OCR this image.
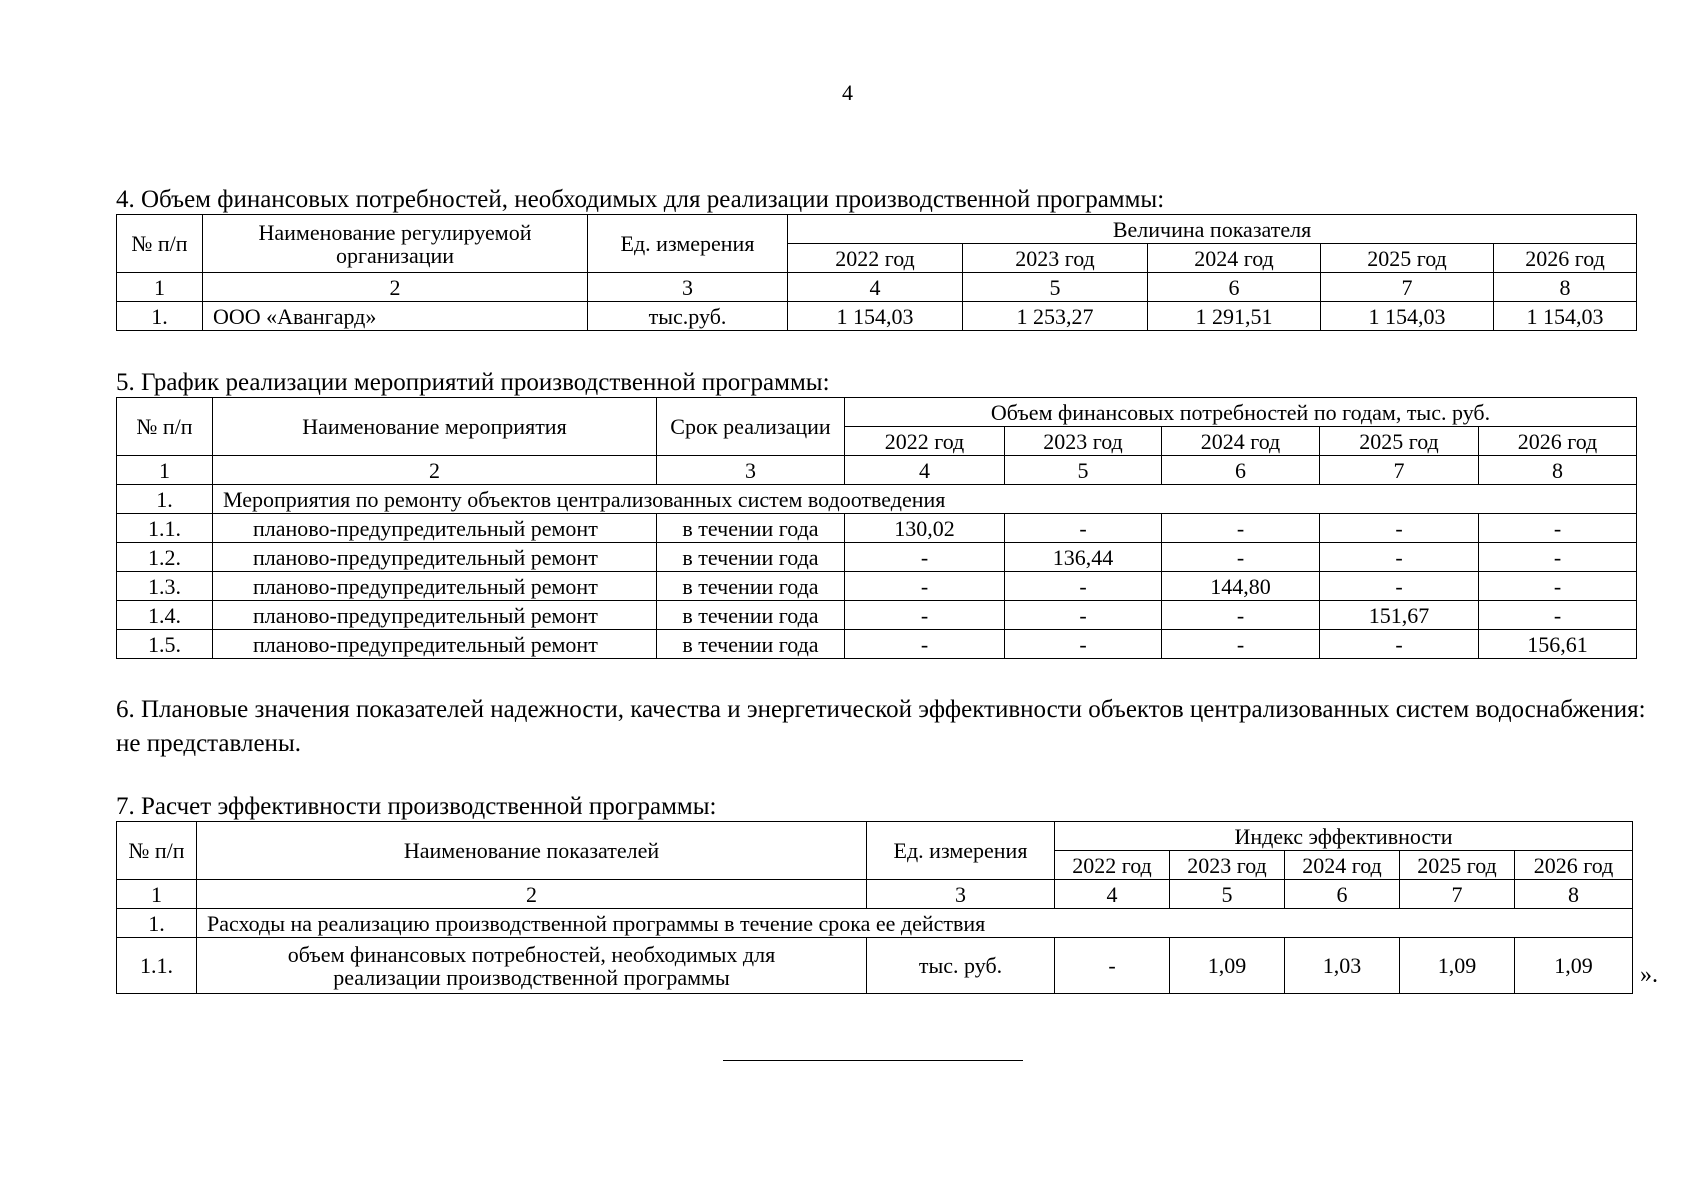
4
4. Объем финансовых потребностей, необходимых для реализации производственной программы:
№ п/п	Наименование регулируемой организации	Ед. измерения	Величина показателя				
			2022 год	2023 год	2024 год	2025 год	2026 год
1	2	3	4	5	6	7	8
1.	ООО «Авангард»	тыс.руб.	1 154,03	1 253,27	1 291,51	1 154,03	1 154,03
5. График реализации мероприятий производственной программы:
№ п/п	Наименование мероприятия	Срок реализации	Объем финансовых потребностей по годам, тыс. руб.				
			2022 год	2023 год	2024 год	2025 год	2026 год
1	2	3	4	5	6	7	8
1.	Мероприятия по ремонту объектов централизованных систем водоотведения						
1.1.	планово-предупредительный ремонт	в течении года	130,02	-	-	-	-
1.2.	планово-предупредительный ремонт	в течении года	-	136,44	-	-	-
1.3.	планово-предупредительный ремонт	в течении года	-	-	144,80	-	-
1.4.	планово-предупредительный ремонт	в течении года	-	-	-	151,67	-
1.5.	планово-предупредительный ремонт	в течении года	-	-	-	-	156,61
6. Плановые значения показателей надежности, качества и энергетической эффективности объектов централизованных систем водоснабжения: не представлены.
7. Расчет эффективности производственной программы:
№ п/п	Наименование показателей	Ед. измерения	Индекс эффективности				
			2022 год	2023 год	2024 год	2025 год	2026 год
1	2	3	4	5	6	7	8
1.	Расходы на реализацию производственной программы в течение срока ее действия						
1.1.	объем финансовых потребностей, необходимых для реализации производственной программы	тыс. руб.	-	1,09	1,03	1,09	1,09 ».
